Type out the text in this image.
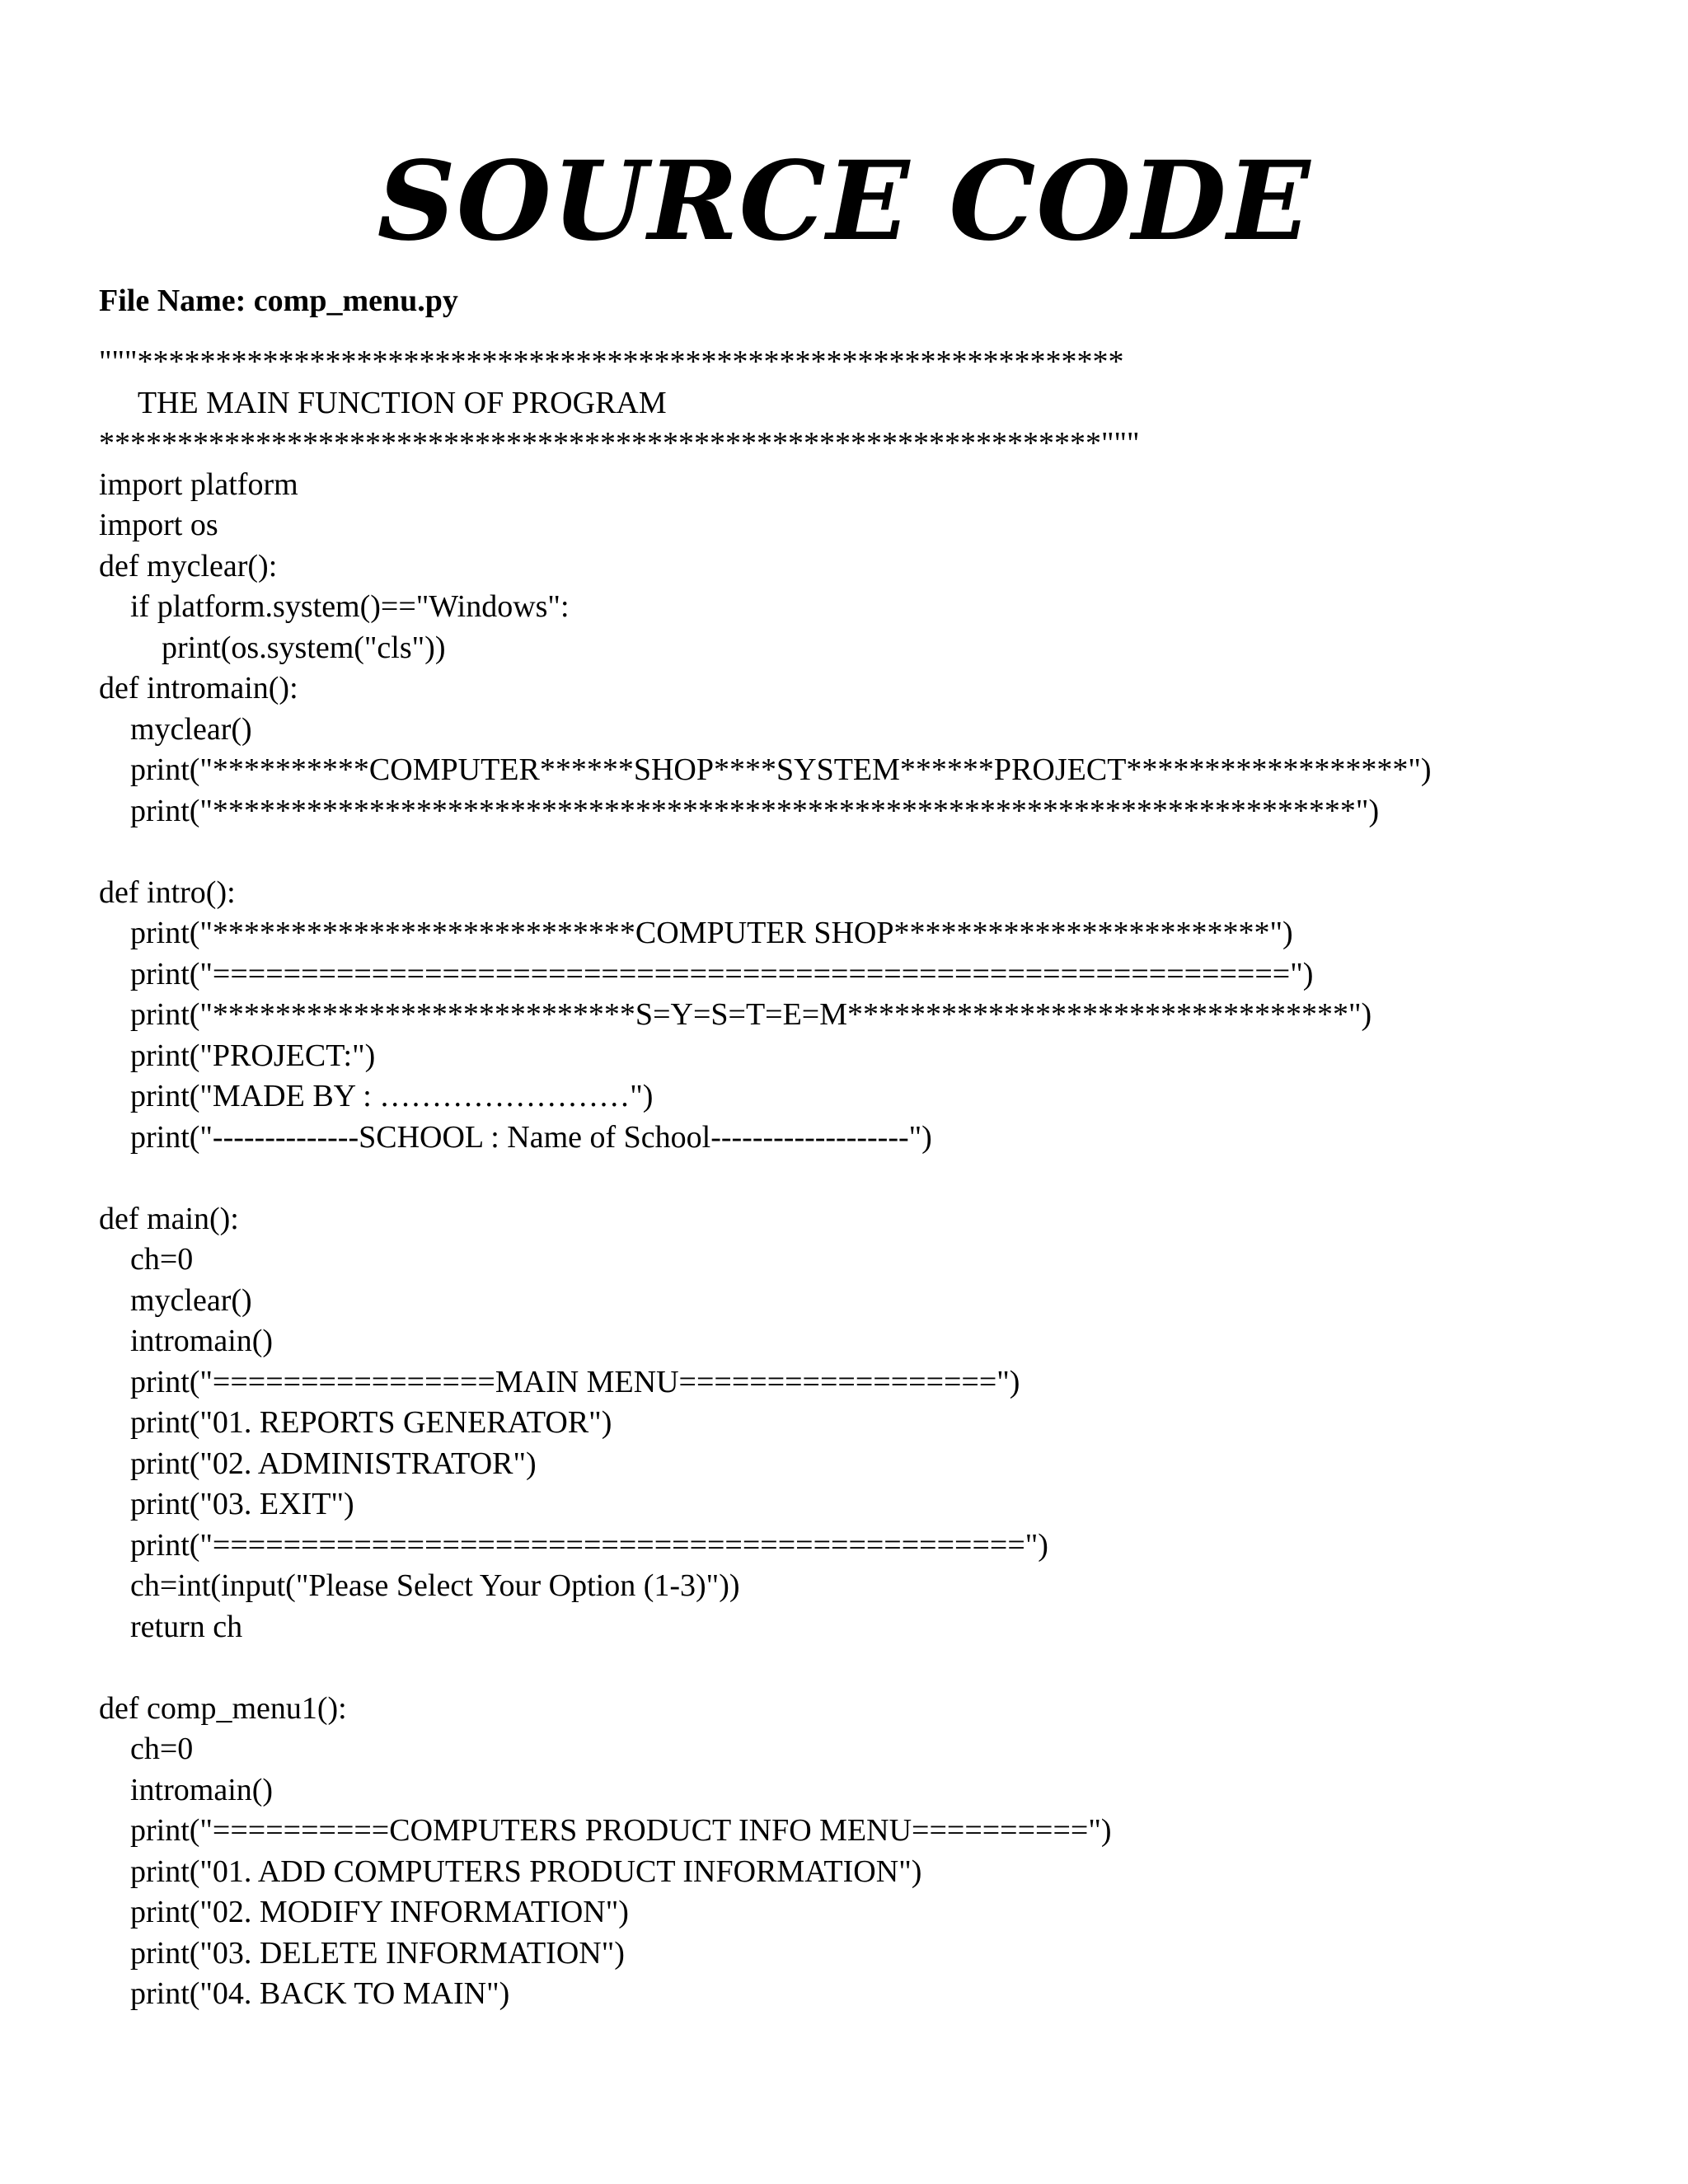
SOURCE CODE
File Name: comp_menu.py
"""***************************************************************
THE MAIN FUNCTION OF PROGRAM
****************************************************************"""
import platform
import os
def myclear():
if platform.system()=="Windows":
print(os.system("cls"))
def intromain():
myclear()
print("**********COMPUTER******SHOP****SYSTEM******PROJECT******************")
print("*************************************************************************")
def intro():
print("***************************COMPUTER SHOP************************")
print("=============================================================")
print("***************************S=Y=S=T=E=M********************************")
print("PROJECT:")
print("MADE BY : ……………………")
print("--------------SCHOOL : Name of School-------------------")
def main():
ch=0
myclear()
intromain()
print("================MAIN MENU==================")
print("01. REPORTS GENERATOR")
print("02. ADMINISTRATOR")
print("03. EXIT")
print("==============================================")
ch=int(input("Please Select Your Option (1-3)"))
return ch
def comp_menu1():
ch=0
intromain()
print("==========COMPUTERS PRODUCT INFO MENU==========")
print("01. ADD COMPUTERS PRODUCT INFORMATION")
print("02. MODIFY INFORMATION")
print("03. DELETE INFORMATION")
print("04. BACK TO MAIN")
